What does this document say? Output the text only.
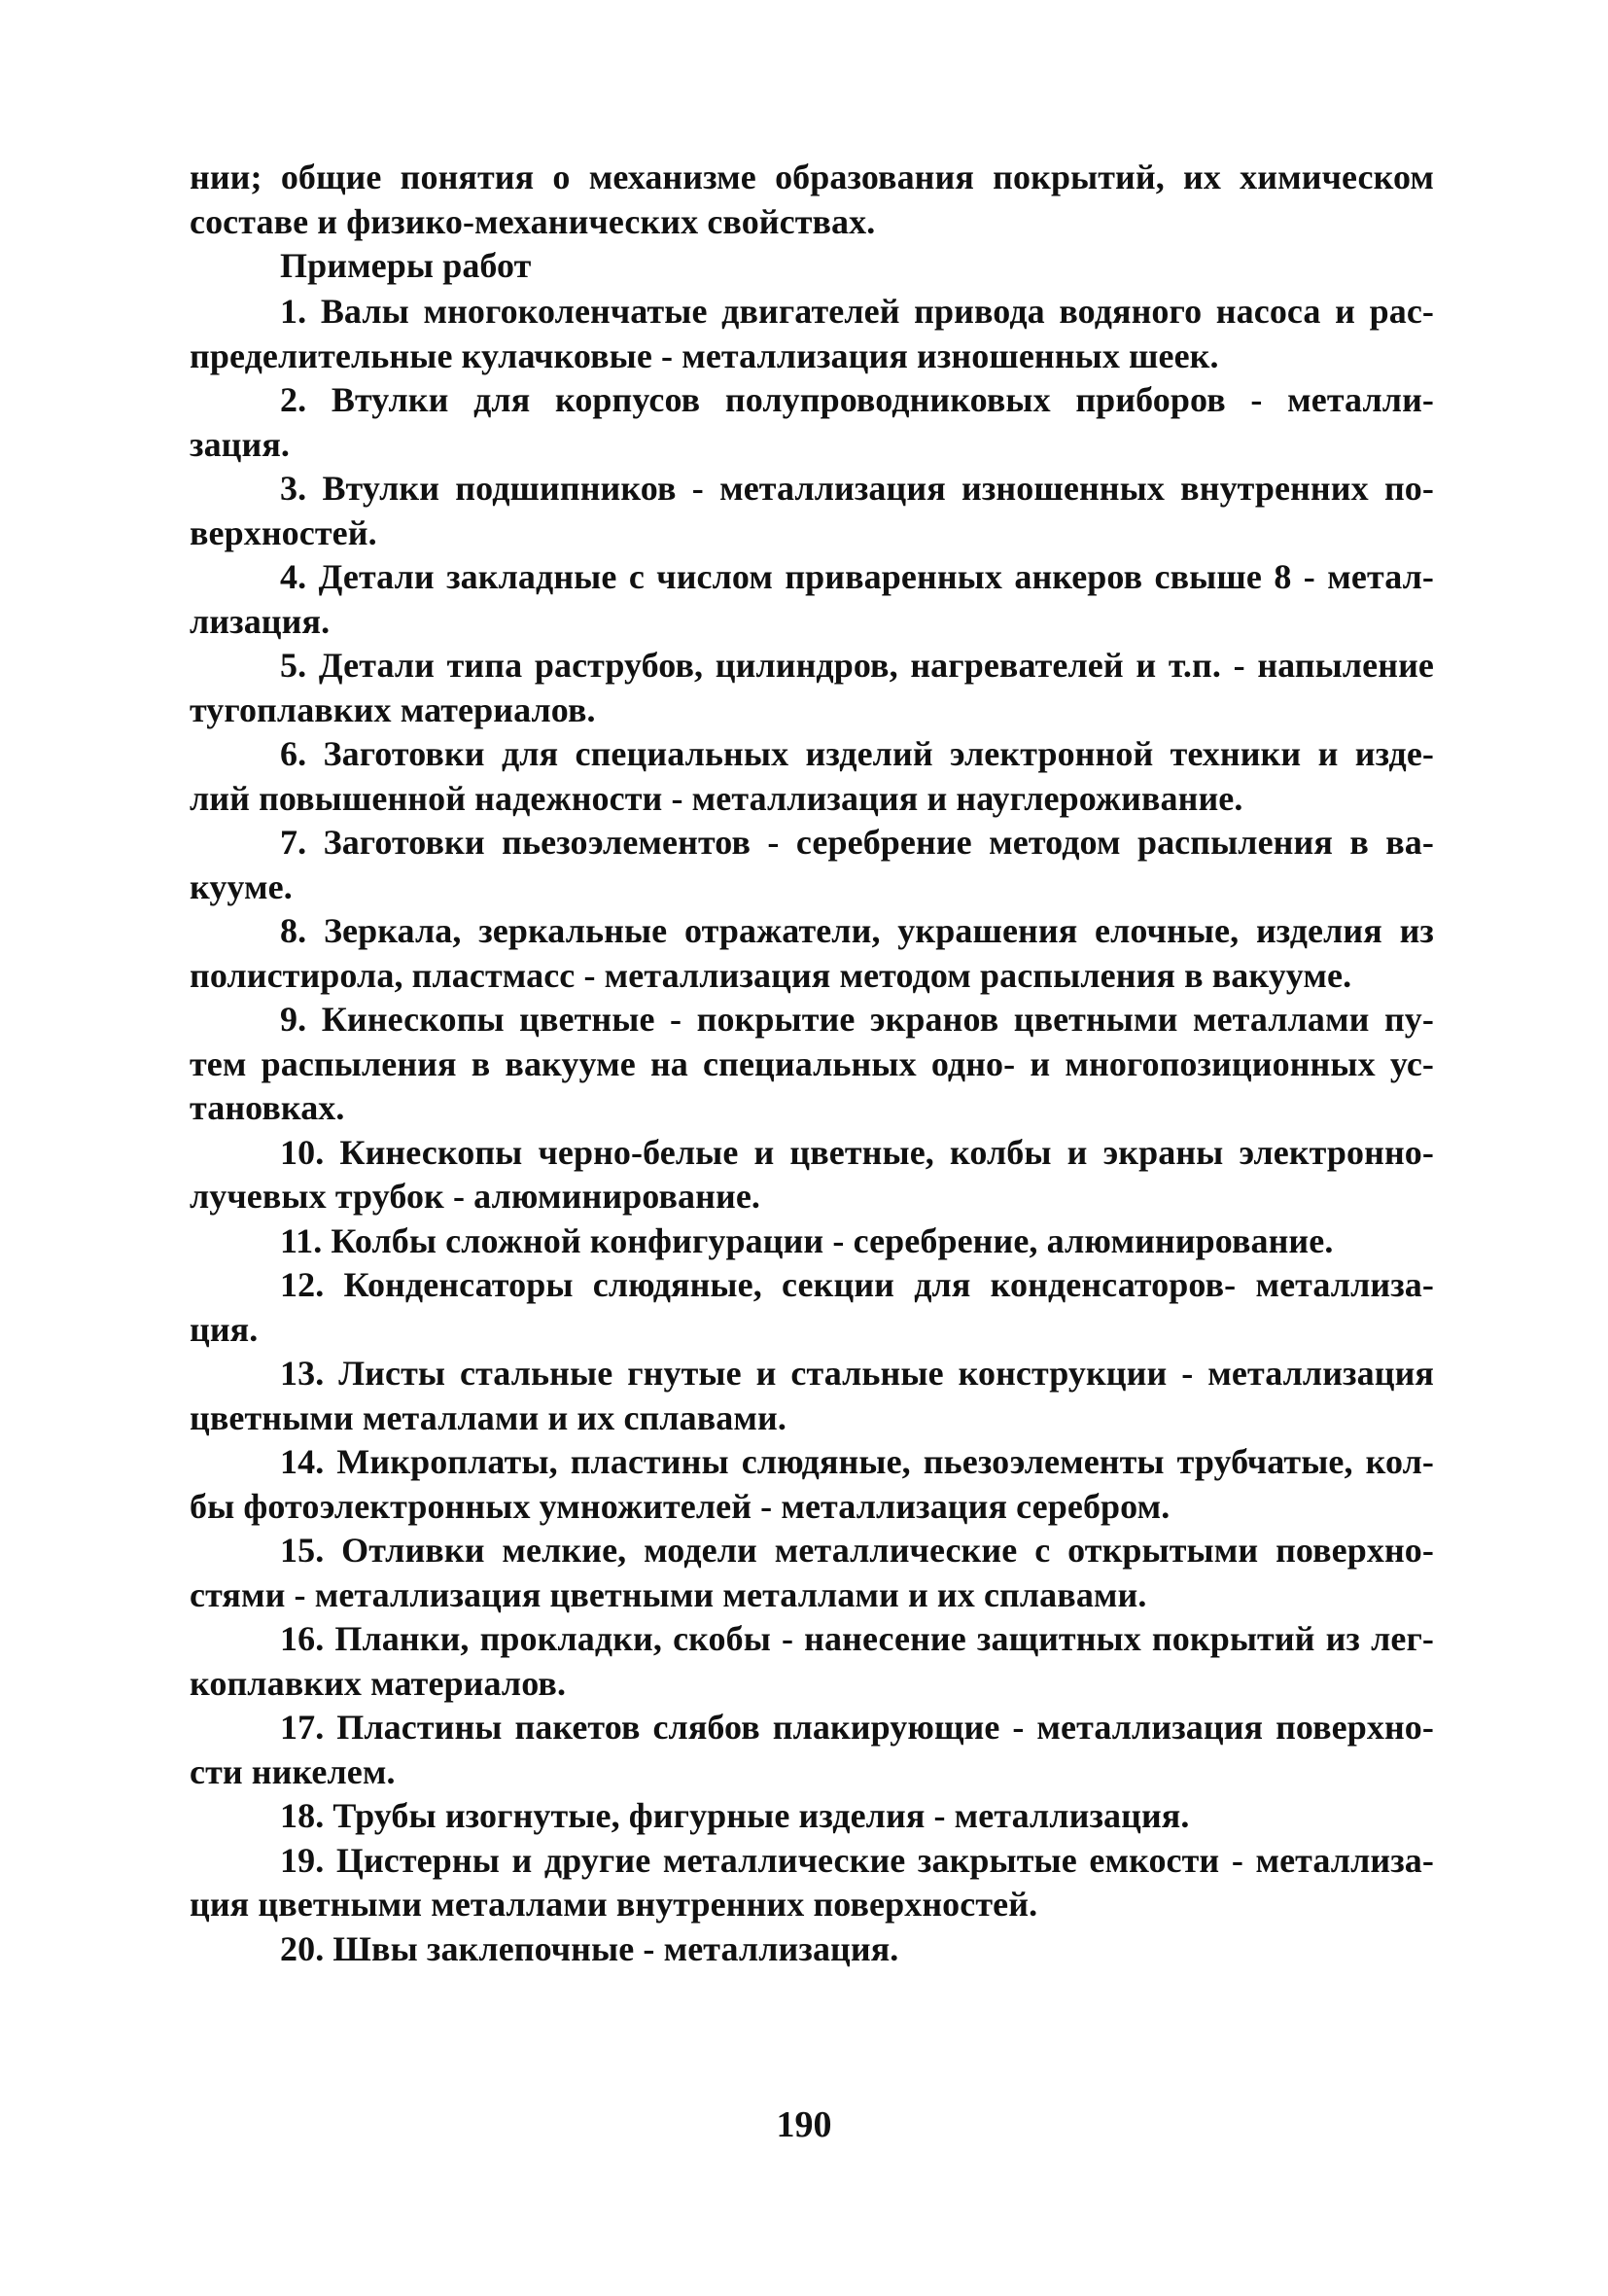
нии; общие понятия о механизме образования покрытий, их химическом
составе и физико-механических свойствах.
Примеры работ
1. Валы многоколенчатые двигателей привода водяного насоса и рас-
пределительные кулачковые - металлизация изношенных шеек.
2. Втулки для корпусов полупроводниковых приборов - металли-
зация.
3. Втулки подшипников - металлизация изношенных внутренних по-
верхностей.
4. Детали закладные с числом приваренных анкеров свыше 8 - метал-
лизация.
5. Детали типа раструбов, цилиндров, нагревателей и т.п. - напыление
тугоплавких материалов.
6. Заготовки для специальных изделий электронной техники и изде-
лий повышенной надежности - металлизация и науглероживание.
7. Заготовки пьезоэлементов - серебрение методом распыления в ва-
кууме.
8. Зеркала, зеркальные отражатели, украшения елочные, изделия из
полистирола, пластмасс - металлизация методом распыления в вакууме.
9. Кинескопы цветные - покрытие экранов цветными металлами пу-
тем распыления в вакууме на специальных одно- и многопозиционных ус-
тановках.
10. Кинескопы черно-белые и цветные, колбы и экраны электронно-
лучевых трубок - алюминирование.
11. Колбы сложной конфигурации - серебрение, алюминирование.
12. Конденсаторы слюдяные, секции для конденсаторов- металлиза-
ция.
13. Листы стальные гнутые и стальные конструкции - металлизация
цветными металлами и их сплавами.
14. Микроплаты, пластины слюдяные, пьезоэлементы трубчатые, кол-
бы фотоэлектронных умножителей - металлизация серебром.
15. Отливки мелкие, модели металлические с открытыми поверхно-
стями - металлизация цветными металлами и их сплавами.
16. Планки, прокладки, скобы - нанесение защитных покрытий из лег-
коплавких материалов.
17. Пластины пакетов слябов плакирующие - металлизация поверхно-
сти никелем.
18. Трубы изогнутые, фигурные изделия - металлизация.
19. Цистерны и другие металлические закрытые емкости - металлиза-
ция цветными металлами внутренних поверхностей.
20. Швы заклепочные - металлизация.
190
